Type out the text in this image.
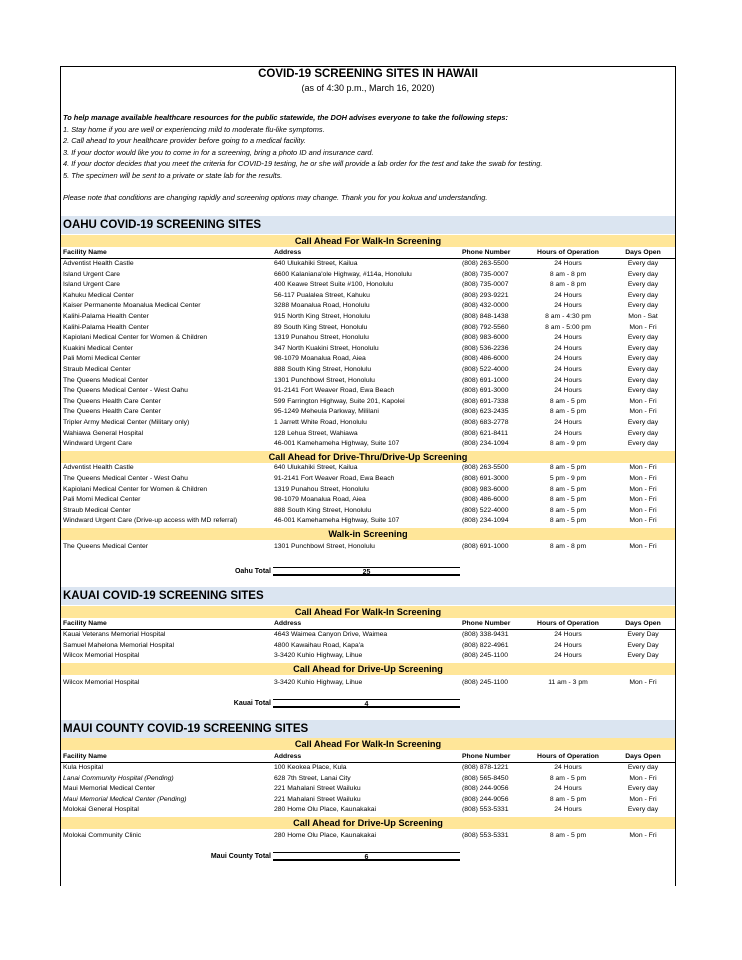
COVID-19 SCREENING SITES IN HAWAII
(as of 4:30 p.m., March 16, 2020)
To help manage available healthcare resources for the public statewide, the DOH advises everyone to take the following steps:
1. Stay home if you are well or experiencing mild to moderate flu-like symptoms.
2. Call ahead to your healthcare provider before going to a medical facility.
3. If your doctor would like you to come in for a screening, bring a photo ID and insurance card.
4. If your doctor decides that you meet the criteria for COVID-19 testing, he or she will provide a lab order for the test and take the swab for testing.
5. The specimen will be sent to a private or state lab for the results.
Please note that conditions are changing rapidly and screening options may change. Thank you for you kokua and understanding.
OAHU COVID-19 SCREENING SITES
Call Ahead For Walk-In Screening
Facility Name	Address	Phone Number	Hours of Operation	Days Open
Adventist Health Castle	640 Ulukahiki Street, Kailua	(808) 263-5500	24 Hours	Every day
Island Urgent Care	6600 Kalaniana'ole Highway, #114a, Honolulu	(808) 735-0007	8 am - 8 pm	Every day
Island Urgent Care	400 Keawe Street Suite #100, Honolulu	(808) 735-0007	8 am - 8 pm	Every day
Kahuku Medical Center	56-117 Pualalea Street, Kahuku	(808) 293-9221	24 Hours	Every day
Kaiser Permanente Moanalua Medical Center	3288 Moanalua Road, Honolulu	(808) 432-0000	24 Hours	Every day
Kalihi-Palama Health Center	915 North King Street, Honolulu	(808) 848-1438	8 am - 4:30 pm	Mon - Sat
Kalihi-Palama Health Center	89 South King Street, Honolulu	(808) 792-5560	8 am - 5:00 pm	Mon - Fri
Kapiolani Medical Center for Women & Children	1319 Punahou Street, Honolulu	(808) 983-6000	24 Hours	Every day
Kuakini Medical Center	347 North Kuakini Street, Honolulu	(808) 536-2236	24 Hours	Every day
Pali Momi Medical Center	98-1079 Moanalua Road, Aiea	(808) 486-6000	24 Hours	Every day
Straub Medical Center	888 South King Street, Honolulu	(808) 522-4000	24 Hours	Every day
The Queens Medical Center	1301 Punchbowl Street, Honolulu	(808) 691-1000	24 Hours	Every day
The Queens Medical Center - West Oahu	91-2141 Fort Weaver Road, Ewa Beach	(808) 691-3000	24 Hours	Every day
The Queens Health Care Center	599 Farrington Highway, Suite 201, Kapolei	(808) 691-7338	8 am - 5 pm	Mon - Fri
The Queens Health Care Center	95-1249 Meheula Parkway, Mililani	(808) 623-2435	8 am - 5 pm	Mon - Fri
Tripler Army Medical Center (Military only)	1 Jarrett White Road, Honolulu	(808) 683-2778	24 Hours	Every day
Wahiawa General Hospital	128 Lehua Street, Wahiawa	(808) 621-8411	24 Hours	Every day
Windward Urgent Care	46-001 Kamehameha Highway, Suite 107	(808) 234-1094	8 am - 9 pm	Every day
Call Ahead for Drive-Thru/Drive-Up Screening
Adventist Health Castle	640 Ulukahiki Street, Kailua	(808) 263-5500	8 am - 5 pm	Mon - Fri
The Queens Medical Center - West Oahu	91-2141 Fort Weaver Road, Ewa Beach	(808) 691-3000	5 pm - 9 pm	Mon - Fri
Kapiolani Medical Center for Women & Children	1319 Punahou Street, Honolulu	(808) 983-6000	8 am - 5 pm	Mon - Fri
Pali Momi Medical Center	98-1079 Moanalua Road, Aiea	(808) 486-6000	8 am - 5 pm	Mon - Fri
Straub Medical Center	888 South King Street, Honolulu	(808) 522-4000	8 am - 5 pm	Mon - Fri
Windward Urgent Care (Drive-up access with MD referral)	46-001 Kamehameha Highway, Suite 107	(808) 234-1094	8 am - 5 pm	Mon - Fri
Walk-in Screening
The Queens Medical Center	1301 Punchbowl Street, Honolulu	(808) 691-1000	8 am - 8 pm	Mon - Fri
Oahu Total	25
KAUAI COVID-19 SCREENING SITES
Call Ahead For Walk-In Screening
Facility Name	Address	Phone Number	Hours of Operation	Days Open
Kauai Veterans Memorial Hospital	4643 Waimea Canyon Drive, Waimea	(808) 338-9431	24 Hours	Every Day
Samuel Mahelona Memorial Hospital	4800 Kawaihau Road, Kapa'a	(808) 822-4961	24 Hours	Every Day
Wilcox Memorial Hospital	3-3420 Kuhio Highway, Lihue	(808) 245-1100	24 Hours	Every Day
Call Ahead for Drive-Up Screening
Wilcox Memorial Hospital	3-3420 Kuhio Highway, Lihue	(808) 245-1100	11 am - 3 pm	Mon - Fri
Kauai Total	4
MAUI COUNTY COVID-19 SCREENING SITES
Call Ahead For Walk-In Screening
Facility Name	Address	Phone Number	Hours of Operation	Days Open
Kula Hospital	100 Keokea Place, Kula	(808) 878-1221	24 Hours	Every day
Lanai Community Hospital (Pending)	628 7th Street, Lanai City	(808) 565-8450	8 am - 5 pm	Mon - Fri
Maui Memorial Medical Center	221 Mahalani Street Wailuku	(808) 244-9056	24 Hours	Every day
Maui Memorial Medical Center (Pending)	221 Mahalani Street Wailuku	(808) 244-9056	8 am - 5 pm	Mon - Fri
Molokai General Hospital	280 Home Olu Place, Kaunakakai	(808) 553-5331	24 Hours	Every day
Call Ahead for Drive-Up Screening
Molokai Community Clinic	280 Home Olu Place, Kaunakakai	(808) 553-5331	8 am - 5 pm	Mon - Fri
Maui County Total	6
